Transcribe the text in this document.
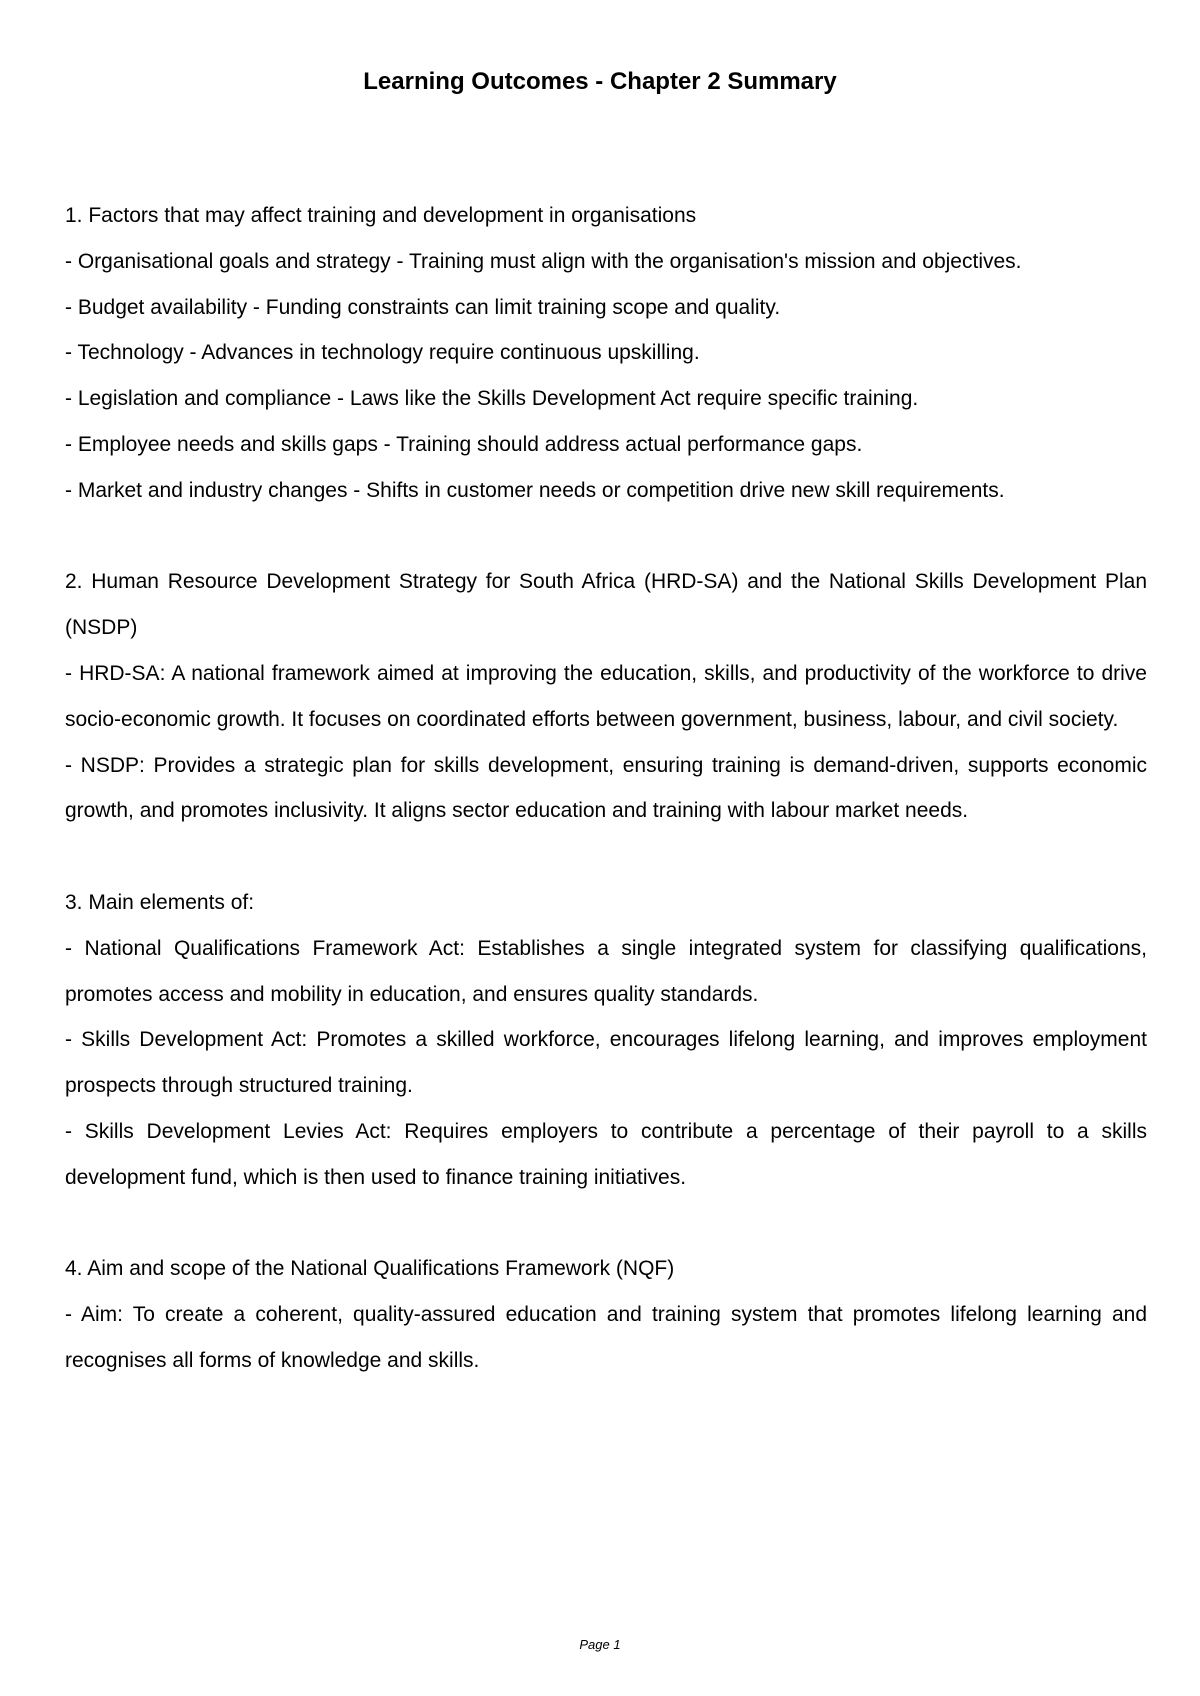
Learning Outcomes - Chapter 2 Summary

1. Factors that may affect training and development in organisations

- Organisational goals and strategy - Training must align with the organisation's mission and objectives.

- Budget availability - Funding constraints can limit training scope and quality.

- Technology - Advances in technology require continuous upskilling.

- Legislation and compliance - Laws like the Skills Development Act require specific training.

- Employee needs and skills gaps - Training should address actual performance gaps.

- Market and industry changes - Shifts in customer needs or competition drive new skill requirements.

2. Human Resource Development Strategy for South Africa (HRD-SA) and the National Skills Development Plan (NSDP)

- HRD-SA: A national framework aimed at improving the education, skills, and productivity of the workforce to drive socio-economic growth. It focuses on coordinated efforts between government, business, labour, and civil society.

- NSDP: Provides a strategic plan for skills development, ensuring training is demand-driven, supports economic growth, and promotes inclusivity. It aligns sector education and training with labour market needs.

3. Main elements of:

- National Qualifications Framework Act: Establishes a single integrated system for classifying qualifications, promotes access and mobility in education, and ensures quality standards.

- Skills Development Act: Promotes a skilled workforce, encourages lifelong learning, and improves employment prospects through structured training.

- Skills Development Levies Act: Requires employers to contribute a percentage of their payroll to a skills development fund, which is then used to finance training initiatives.

4. Aim and scope of the National Qualifications Framework (NQF)

- Aim: To create a coherent, quality-assured education and training system that promotes lifelong learning and recognises all forms of knowledge and skills.

Page 1
